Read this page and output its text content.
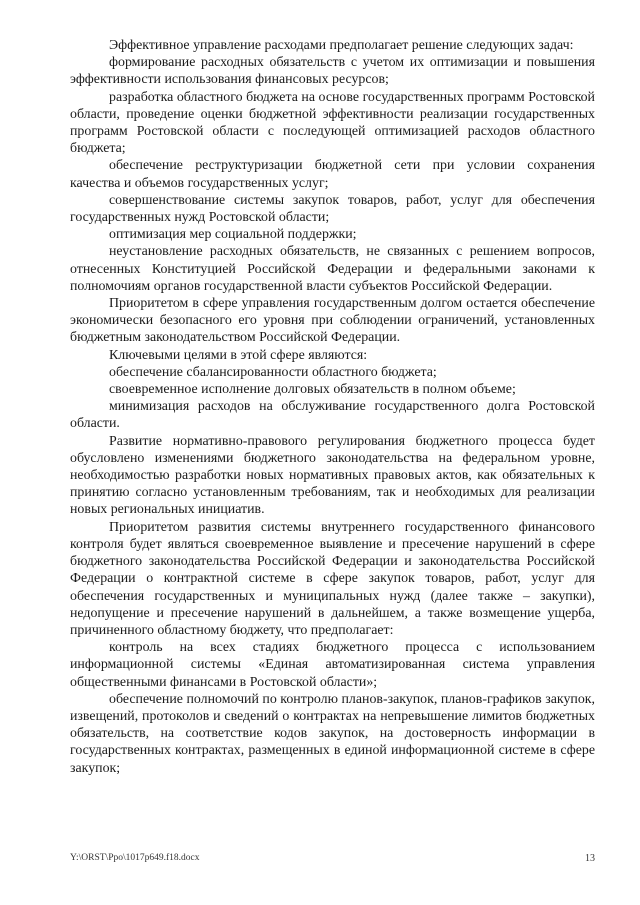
Эффективное управление расходами предполагает решение следующих задач:

формирование расходных обязательств с учетом их оптимизации и повышения эффективности использования финансовых ресурсов;

разработка областного бюджета на основе государственных программ Ростовской области, проведение оценки бюджетной эффективности реализации государственных программ Ростовской области с последующей оптимизацией расходов областного бюджета;

обеспечение реструктуризации бюджетной сети при условии сохранения качества и объемов государственных услуг;

совершенствование системы закупок товаров, работ, услуг для обеспечения государственных нужд Ростовской области;

оптимизация мер социальной поддержки;

неустановление расходных обязательств, не связанных с решением вопросов, отнесенных Конституцией Российской Федерации и федеральными законами к полномочиям органов государственной власти субъектов Российской Федерации.

Приоритетом в сфере управления государственным долгом остается обеспечение экономически безопасного его уровня при соблюдении ограничений, установленных бюджетным законодательством Российской Федерации.

Ключевыми целями в этой сфере являются:

обеспечение сбалансированности областного бюджета;

своевременное исполнение долговых обязательств в полном объеме;

минимизация расходов на обслуживание государственного долга Ростовской области.

Развитие нормативно-правового регулирования бюджетного процесса будет обусловлено изменениями бюджетного законодательства на федеральном уровне, необходимостью разработки новых нормативных правовых актов, как обязательных к принятию согласно установленным требованиям, так и необходимых для реализации новых региональных инициатив.

Приоритетом развития системы внутреннего государственного финансового контроля будет являться своевременное выявление и пресечение нарушений в сфере бюджетного законодательства Российской Федерации и законодательства Российской Федерации о контрактной системе в сфере закупок товаров, работ, услуг для обеспечения государственных и муниципальных нужд (далее также – закупки), недопущение и пресечение нарушений в дальнейшем, а также возмещение ущерба, причиненного областному бюджету, что предполагает:

контроль на всех стадиях бюджетного процесса с использованием информационной системы «Единая автоматизированная система управления общественными финансами в Ростовской области»;

обеспечение полномочий по контролю планов-закупок, планов-графиков закупок, извещений, протоколов и сведений о контрактах на непревышение лимитов бюджетных обязательств, на соответствие кодов закупок, на достоверность информации в государственных контрактах, размещенных в единой информационной системе в сфере закупок;

Y:\ORST\Ppo\1017p649.f18.docx	13
